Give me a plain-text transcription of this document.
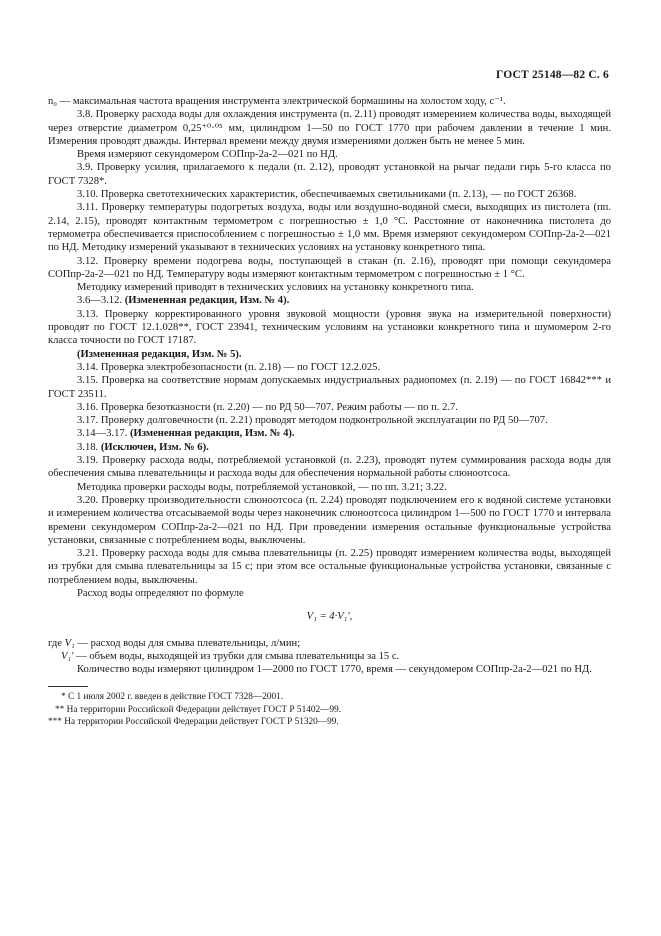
ГОСТ 25148—82 С. 6

n₀ — максимальная частота вращения инструмента электрической бормашины на холостом ходу, c⁻¹.

3.8. Проверку расхода воды для охлаждения инструмента (п. 2.11) проводят измерением количества воды, выходящей через отверстие диаметром 0,25⁺⁰·⁰⁵ мм, цилиндром 1—50 по ГОСТ 1770 при рабочем давлении в течение 1 мин. Измерения проводят дважды. Интервал времени между двумя измерениями должен быть не менее 5 мин.

Время измеряют секундомером СОПпр-2а-2—021 по НД.

3.9. Проверку усилия, прилагаемого к педали (п. 2.12), проводят установкой на рычаг педали гирь 5-го класса по ГОСТ 7328*.

3.10. Проверка светотехнических характеристик, обеспечиваемых светильниками (п. 2.13), — по ГОСТ 26368.

3.11. Проверку температуры подогретых воздуха, воды или воздушно-водяной смеси, выходящих из пистолета (пп. 2.14, 2.15), проводят контактным термометром с погрешностью ± 1,0 °С. Расстояние от наконечника пистолета до термометра обеспечивается приспособлением с погрешностью ± 1,0 мм. Время измеряют секундомером СОПпр-2а-2—021 по НД. Методику измерений указывают в технических условиях на установку конкретного типа.

3.12. Проверку времени подогрева воды, поступающей в стакан (п. 2.16), проводят при помощи секундомера СОПпр-2а-2—021 по НД. Температуру воды измеряют контактным термометром с погрешностью ± 1 °С.

Методику измерений приводят в технических условиях на установку конкретного типа.

3.6—3.12. (Измененная редакция, Изм. № 4).

3.13. Проверку корректированного уровня звуковой мощности (уровня звука на измерительной поверхности) проводят по ГОСТ 12.1.028**, ГОСТ 23941, техническим условиям на установки конкретного типа и шумомером 2-го класса точности по ГОСТ 17187.

(Измененная редакция, Изм. № 5).

3.14. Проверка электробезопасности (п. 2.18) — по ГОСТ 12.2.025.

3.15. Проверка на соответствие нормам допускаемых индустриальных радиопомех (п. 2.19) — по ГОСТ 16842*** и ГОСТ 23511.

3.16. Проверка безотказности (п. 2.20) — по РД 50—707. Режим работы — по п. 2.7.

3.17. Проверку долговечности (п. 2.21) проводят методом подконтрольной эксплуатации по РД 50—707.

3.14—3.17. (Измененная редакция, Изм. № 4).

3.18. (Исключен, Изм. № 6).

3.19. Проверку расхода воды, потребляемой установкой (п. 2.23), проводят путем суммирования расхода воды для обеспечения смыва плевательницы и расхода воды для обеспечения нормальной работы слюноотсоса.

Методика проверки расходы воды, потребляемой установкой, — по пп. 3.21; 3.22.

3.20. Проверку производительности слюноотсоса (п. 2.24) проводят подключением его к водяной системе установки и измерением количества отсасываемой воды через наконечник слюноотсоса цилиндром 1—500 по ГОСТ 1770 и интервала времени секундомером СОПпр-2а-2—021 по НД. При проведении измерения остальные функциональные устройства установки, связанные с потреблением воды, выключены.

3.21. Проверку расхода воды для смыва плевательницы (п. 2.25) проводят измерением количества воды, выходящей из трубки для смыва плевательницы за 15 с; при этом все остальные функциональные устройства установки, связанные с потреблением воды, выключены.

Расход воды определяют по формуле

V₁ = 4·V₁′,

где V₁ — расход воды для смыва плевательницы, л/мин;

V₁′ — объем воды, выходящей из трубки для смыва плевательницы за 15 с.

Количество воды измеряют цилиндром 1—2000 по ГОСТ 1770, время — секундомером СОПпр-2а-2—021 по НД.

* С 1 июля 2002 г. введен в действие ГОСТ 7328—2001.

** На территории Российской Федерации действует ГОСТ Р 51402—99.

*** На территории Российской Федерации действует ГОСТ Р 51320—99.
